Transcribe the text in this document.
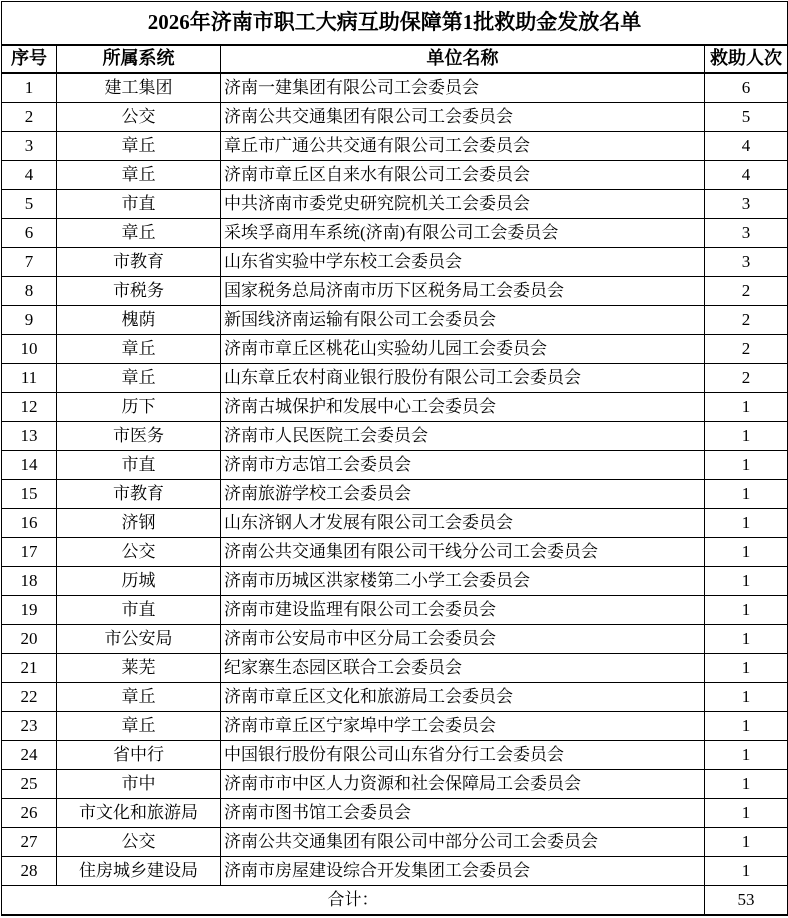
2026年济南市职工大病互助保障第1批救助金发放名单			
序号	所属系统	单位名称	救助人次
1	建工集团	济南一建集团有限公司工会委员会	6
2	公交	济南公共交通集团有限公司工会委员会	5
3	章丘	章丘市广通公共交通有限公司工会委员会	4
4	章丘	济南市章丘区自来水有限公司工会委员会	4
5	市直	中共济南市委党史研究院机关工会委员会	3
6	章丘	采埃孚商用车系统(济南)有限公司工会委员会	3
7	市教育	山东省实验中学东校工会委员会	3
8	市税务	国家税务总局济南市历下区税务局工会委员会	2
9	槐荫	新国线济南运输有限公司工会委员会	2
10	章丘	济南市章丘区桃花山实验幼儿园工会委员会	2
11	章丘	山东章丘农村商业银行股份有限公司工会委员会	2
12	历下	济南古城保护和发展中心工会委员会	1
13	市医务	济南市人民医院工会委员会	1
14	市直	济南市方志馆工会委员会	1
15	市教育	济南旅游学校工会委员会	1
16	济钢	山东济钢人才发展有限公司工会委员会	1
17	公交	济南公共交通集团有限公司干线分公司工会委员会	1
18	历城	济南市历城区洪家楼第二小学工会委员会	1
19	市直	济南市建设监理有限公司工会委员会	1
20	市公安局	济南市公安局市中区分局工会委员会	1
21	莱芜	纪家寨生态园区联合工会委员会	1
22	章丘	济南市章丘区文化和旅游局工会委员会	1
23	章丘	济南市章丘区宁家埠中学工会委员会	1
24	省中行	中国银行股份有限公司山东省分行工会委员会	1
25	市中	济南市市中区人力资源和社会保障局工会委员会	1
26	市文化和旅游局	济南市图书馆工会委员会	1
27	公交	济南公共交通集团有限公司中部分公司工会委员会	1
28	住房城乡建设局	济南市房屋建设综合开发集团工会委员会	1
合计：			53
